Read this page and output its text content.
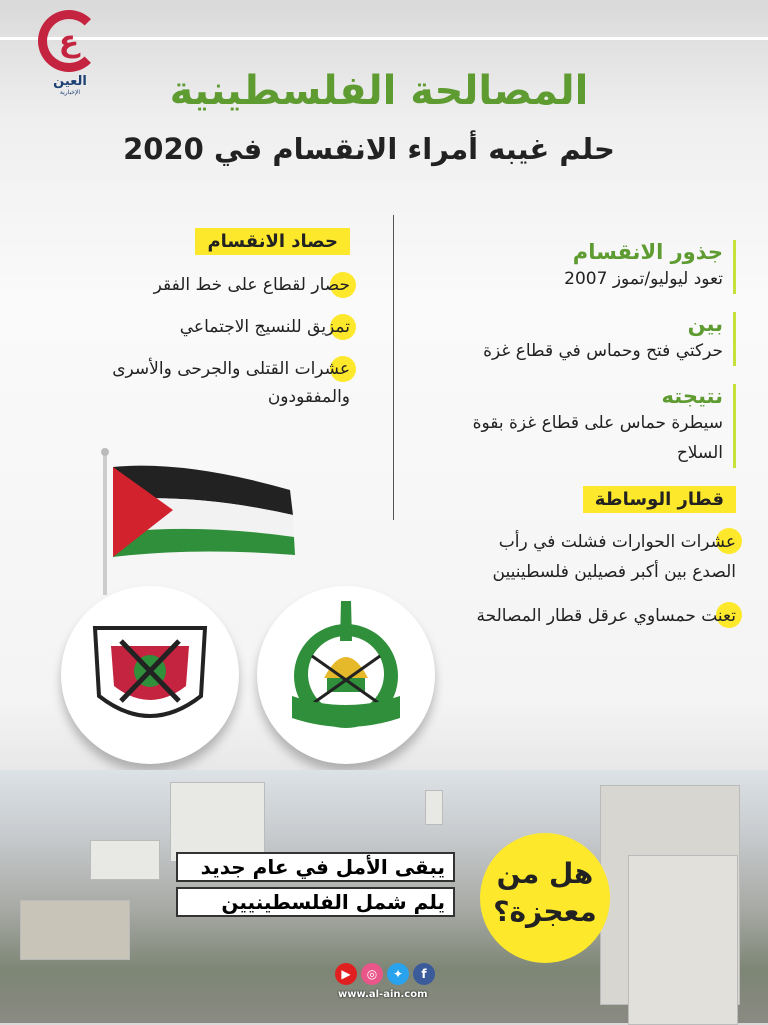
ع
العين
الإخبارية	المصالحة الفلسطينية
حلم غيبه أمراء الانقسام في 2020
حصاد الانقسام
حصار لقطاع على خط الفقر
تمزيق للنسيج الاجتماعي
عشرات القتلى والجرحى والأسرى والمفقودون
جذور الانقسام
تعود ليوليو/تموز 2007
بين
حركتي فتح وحماس في قطاع غزة
نتيجته
سيطرة حماس على قطاع غزة بقوة السلاح
قطار الوساطة
عشرات الحوارات فشلت في رأب الصدع بين أكبر فصيلين فلسطينيين
تعنت حمساوي عرقل قطار المصالحة
يبقى الأمل في عام جديد
يلم شمل الفلسطينيين
هل من معجزة؟
▶	◎	✦	f
www.al-ain.com
